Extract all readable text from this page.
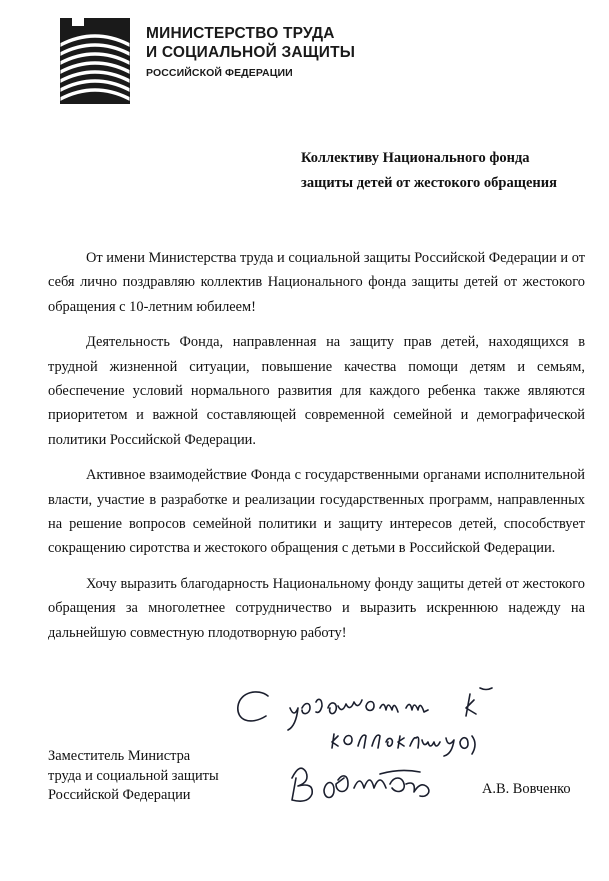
МИНИСТЕРСТВО ТРУДА
И СОЦИАЛЬНОЙ ЗАЩИТЫ
РОССИЙСКОЙ ФЕДЕРАЦИИ
Коллективу Национального фонда
защиты детей от жестокого обращения

От имени Министерства труда и социальной защиты Российской Федерации и от себя лично поздравляю коллектив Национального фонда защиты детей от жестокого обращения с 10-летним юбилеем!

Деятельность Фонда, направленная на защиту прав детей, находящихся в трудной жизненной ситуации, повышение качества помощи детям и семьям, обеспечение условий нормального развития для каждого ребенка также являются приоритетом и важной составляющей современной семейной и демографической политики Российской Федерации.

Активное взаимодействие Фонда с государственными органами исполнительной власти, участие в разработке и реализации государственных программ, направленных на решение вопросов семейной политики и защиту интересов детей, способствует сокращению сиротства и жестокого обращения с детьми в Российской Федерации.

Хочу выразить благодарность Национальному фонду защиты детей от жестокого обращения за многолетнее сотрудничество и выразить искреннюю надежду на дальнейшую совместную плодотворную работу!

Заместитель Министра
труда и социальной защиты
Российской Федерации	А.В. Вовченко
